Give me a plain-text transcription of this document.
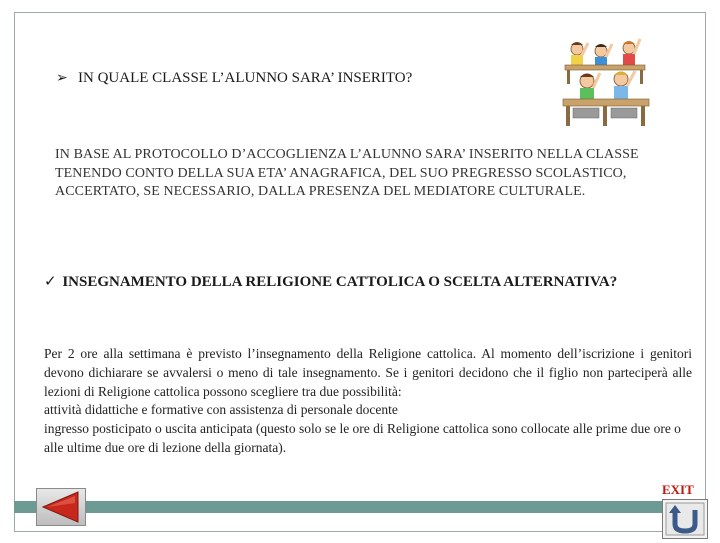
➢ IN QUALE CLASSE L’ALUNNO SARA’ INSERITO?
IN BASE AL PROTOCOLLO D’ACCOGLIENZA L’ALUNNO SARA’ INSERITO NELLA CLASSE TENENDO CONTO DELLA SUA ETA’ ANAGRAFICA, DEL SUO PREGRESSO SCOLASTICO, ACCERTATO, SE NECESSARIO, DALLA PRESENZA DEL MEDIATORE CULTURALE.
✓ INSEGNAMENTO DELLA RELIGIONE CATTOLICA O SCELTA ALTERNATIVA?
Per 2 ore alla settimana è previsto l’insegnamento della Religione cattolica. Al momento dell’iscrizione i genitori devono dichiarare se avvalersi o meno di tale insegnamento. Se i genitori decidono che il figlio non parteciperà alle lezioni di Religione cattolica possono scegliere tra due possibilità:
attività didattiche e formative con assistenza di personale docente
ingresso posticipato o uscita anticipata (questo solo se le ore di Religione cattolica sono collocate alle prime due ore o alle ultime due ore di lezione della giornata).
EXIT
